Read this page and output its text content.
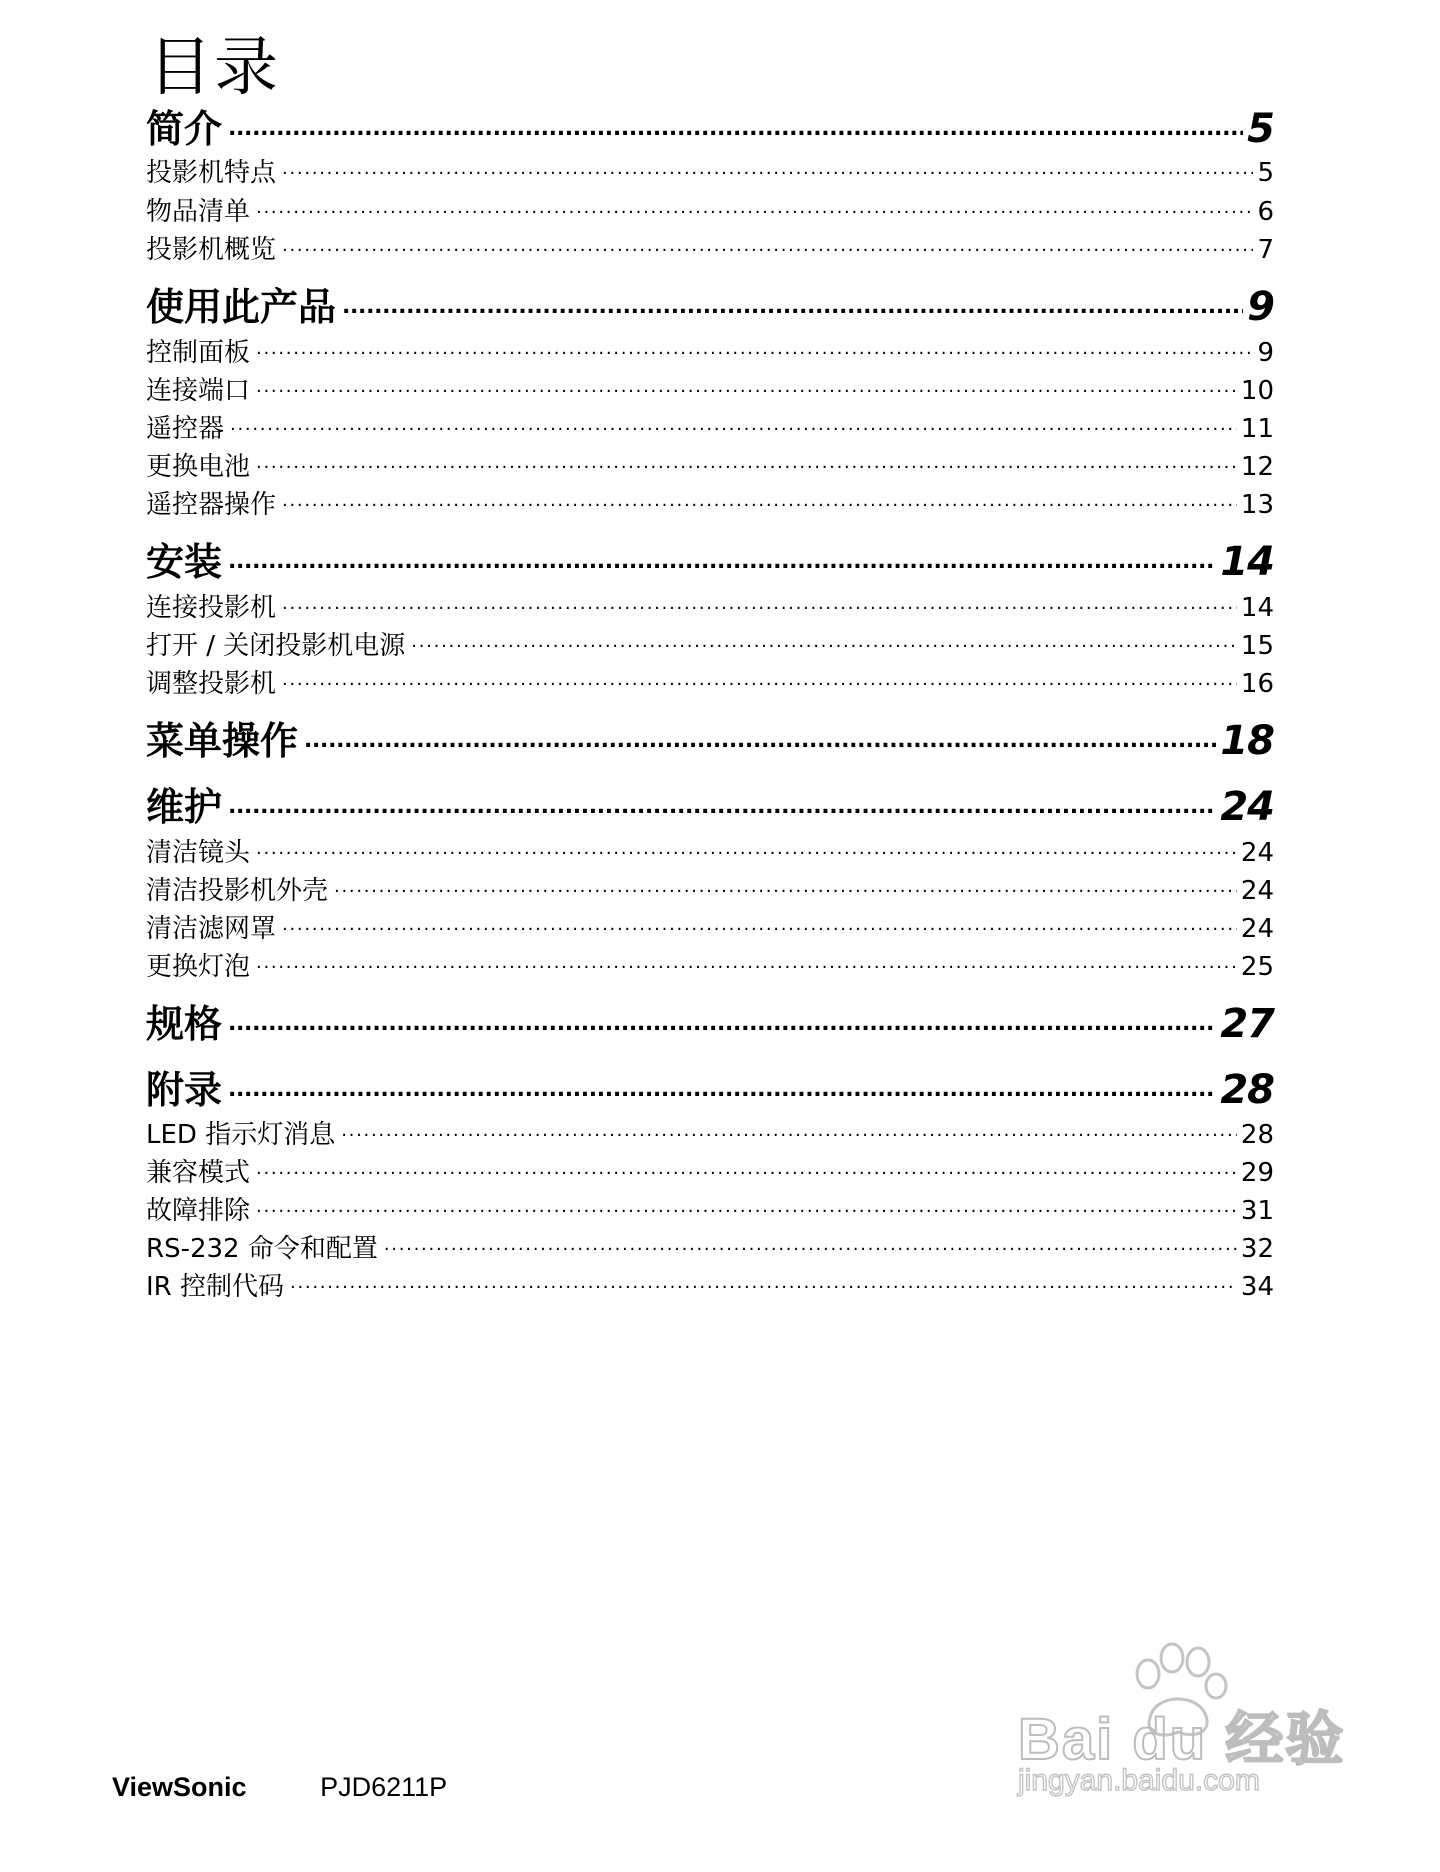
目录
简介 . . .	5
投影机特点 . . .	5
物品清单 . . .	6
投影机概览 . . .	7
使用此产品 . . .	9
控制面板 . . .	9
连接端口 . . .	10
遥控器 . . .	11
更换电池 . . .	12
遥控器操作 . . .	13
安装 . . .	14
连接投影机 . . .	14
打开 / 关闭投影机电源 . . .	15
调整投影机 . . .	16
菜单操作 . . .	18
维护 . . .	24
清洁镜头 . . .	24
清洁投影机外壳 . . .	24
清洁滤网罩 . . .	24
更换灯泡 . . .	25
规格 . . .	27
附录 . . .	28
LED 指示灯消息 . . .	28
兼容模式 . . .	29
故障排除 . . .	31
RS-232 命令和配置 . . .	32
IR 控制代码 . . .	34
ViewSonic	PJD6211P
Bai du 经验
jingyan.baidu.com
